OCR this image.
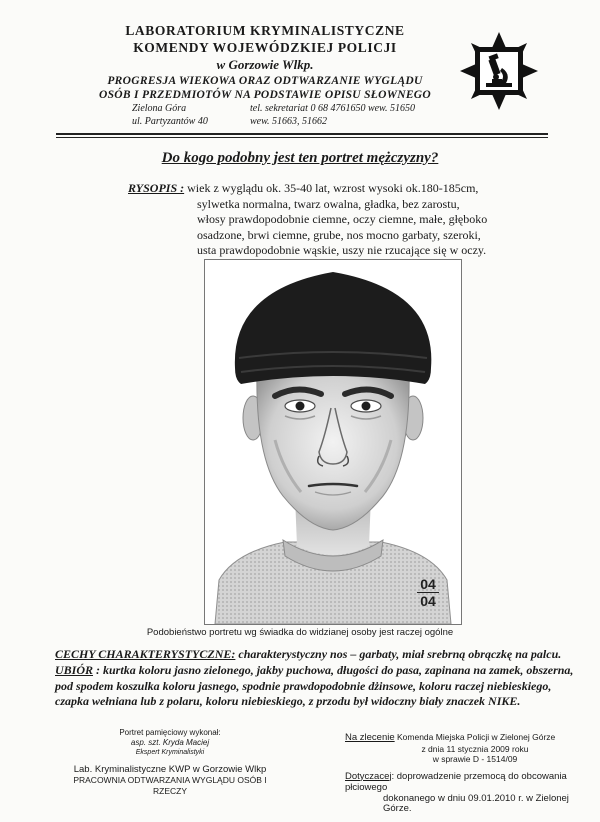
LABORATORIUM KRYMINALISTYCZNE
KOMENDY WOJEWÓDZKIEJ POLICJI
w Gorzowie Wlkp.
PROGRESJA WIEKOWA ORAZ ODTWARZANIE WYGLĄDU
OSÓB I PRZEDMIOTÓW NA PODSTAWIE OPISU SŁOWNEGO
Zielona Góra
ul. Partyzantów 40
tel. sekretariat 0 68 4761650 wew. 51650
wew. 51663, 51662
Do kogo podobny jest ten portret mężczyzny?
RYSOPIS : wiek z wyglądu ok. 35-40 lat, wzrost wysoki ok.180-185cm,
sylwetka normalna, twarz owalna, gładka, bez zarostu,
włosy prawdopodobnie ciemne, oczy ciemne, małe, głęboko
osadzone, brwi ciemne, grube, nos mocno garbaty, szeroki,
usta prawdopodobnie wąskie, uszy nie rzucające się w oczy.
04
04
Podobieństwo portretu wg świadka do widzianej osoby jest raczej ogólne
CECHY CHARAKTERYSTYCZNE: charakterystyczny nos – garbaty, miał srebrną obrączkę na palcu.
UBIÓR : kurtka koloru jasno zielonego, jakby puchowa, długości do pasa, zapinana na zamek, obszerna,
pod spodem koszulka koloru jasnego, spodnie prawdopodobnie dżinsowe, koloru raczej niebieskiego,
czapka wełniana lub z polaru, koloru niebieskiego, z przodu był widoczny biały znaczek NIKE.
Portret pamięciowy wykonał:
asp. szt. Kryda Maciej
Ekspert Kryminalistyki
Lab. Kryminalistyczne KWP w Gorzowie Wlkp
PRACOWNIA ODTWARZANIA WYGLĄDU OSÓB I RZECZY
Na zlecenie Komenda Miejska Policji w Zielonej Górze
z dnia 11 stycznia 2009 roku
w sprawie D - 1514/09
Dotyczacej: doprowadzenie przemocą do obcowania płciowego
dokonanego w dniu 09.01.2010 r. w Zielonej Górze.
